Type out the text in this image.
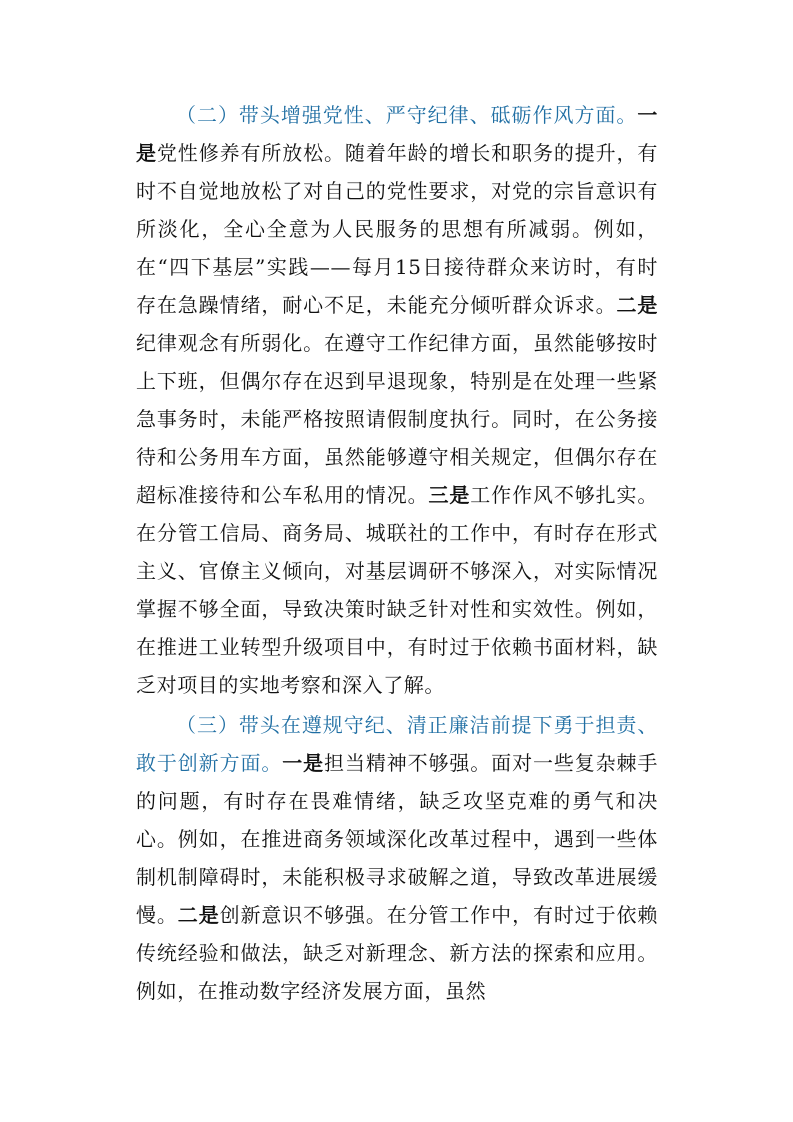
（二）带头增强党性、严守纪律、砥砺作风方面。一是党性修养有所放松。随着年龄的增长和职务的提升，有时不自觉地放松了对自己的党性要求，对党的宗旨意识有所淡化，全心全意为人民服务的思想有所减弱。例如，在“四下基层”实践——每月15日接待群众来访时，有时存在急躁情绪，耐心不足，未能充分倾听群众诉求。二是纪律观念有所弱化。在遵守工作纪律方面，虽然能够按时上下班，但偶尔存在迟到早退现象，特别是在处理一些紧急事务时，未能严格按照请假制度执行。同时，在公务接待和公务用车方面，虽然能够遵守相关规定，但偶尔存在超标准接待和公车私用的情况。三是工作作风不够扎实。在分管工信局、商务局、城联社的工作中，有时存在形式主义、官僚主义倾向，对基层调研不够深入，对实际情况掌握不够全面，导致决策时缺乏针对性和实效性。例如，在推进工业转型升级项目中，有时过于依赖书面材料，缺乏对项目的实地考察和深入了解。

（三）带头在遵规守纪、清正廉洁前提下勇于担责、敢于创新方面。一是担当精神不够强。面对一些复杂棘手的问题，有时存在畏难情绪，缺乏攻坚克难的勇气和决心。例如，在推进商务领域深化改革过程中，遇到一些体制机制障碍时，未能积极寻求破解之道，导致改革进展缓慢。二是创新意识不够强。在分管工作中，有时过于依赖传统经验和做法，缺乏对新理念、新方法的探索和应用。例如，在推动数字经济发展方面，虽然
